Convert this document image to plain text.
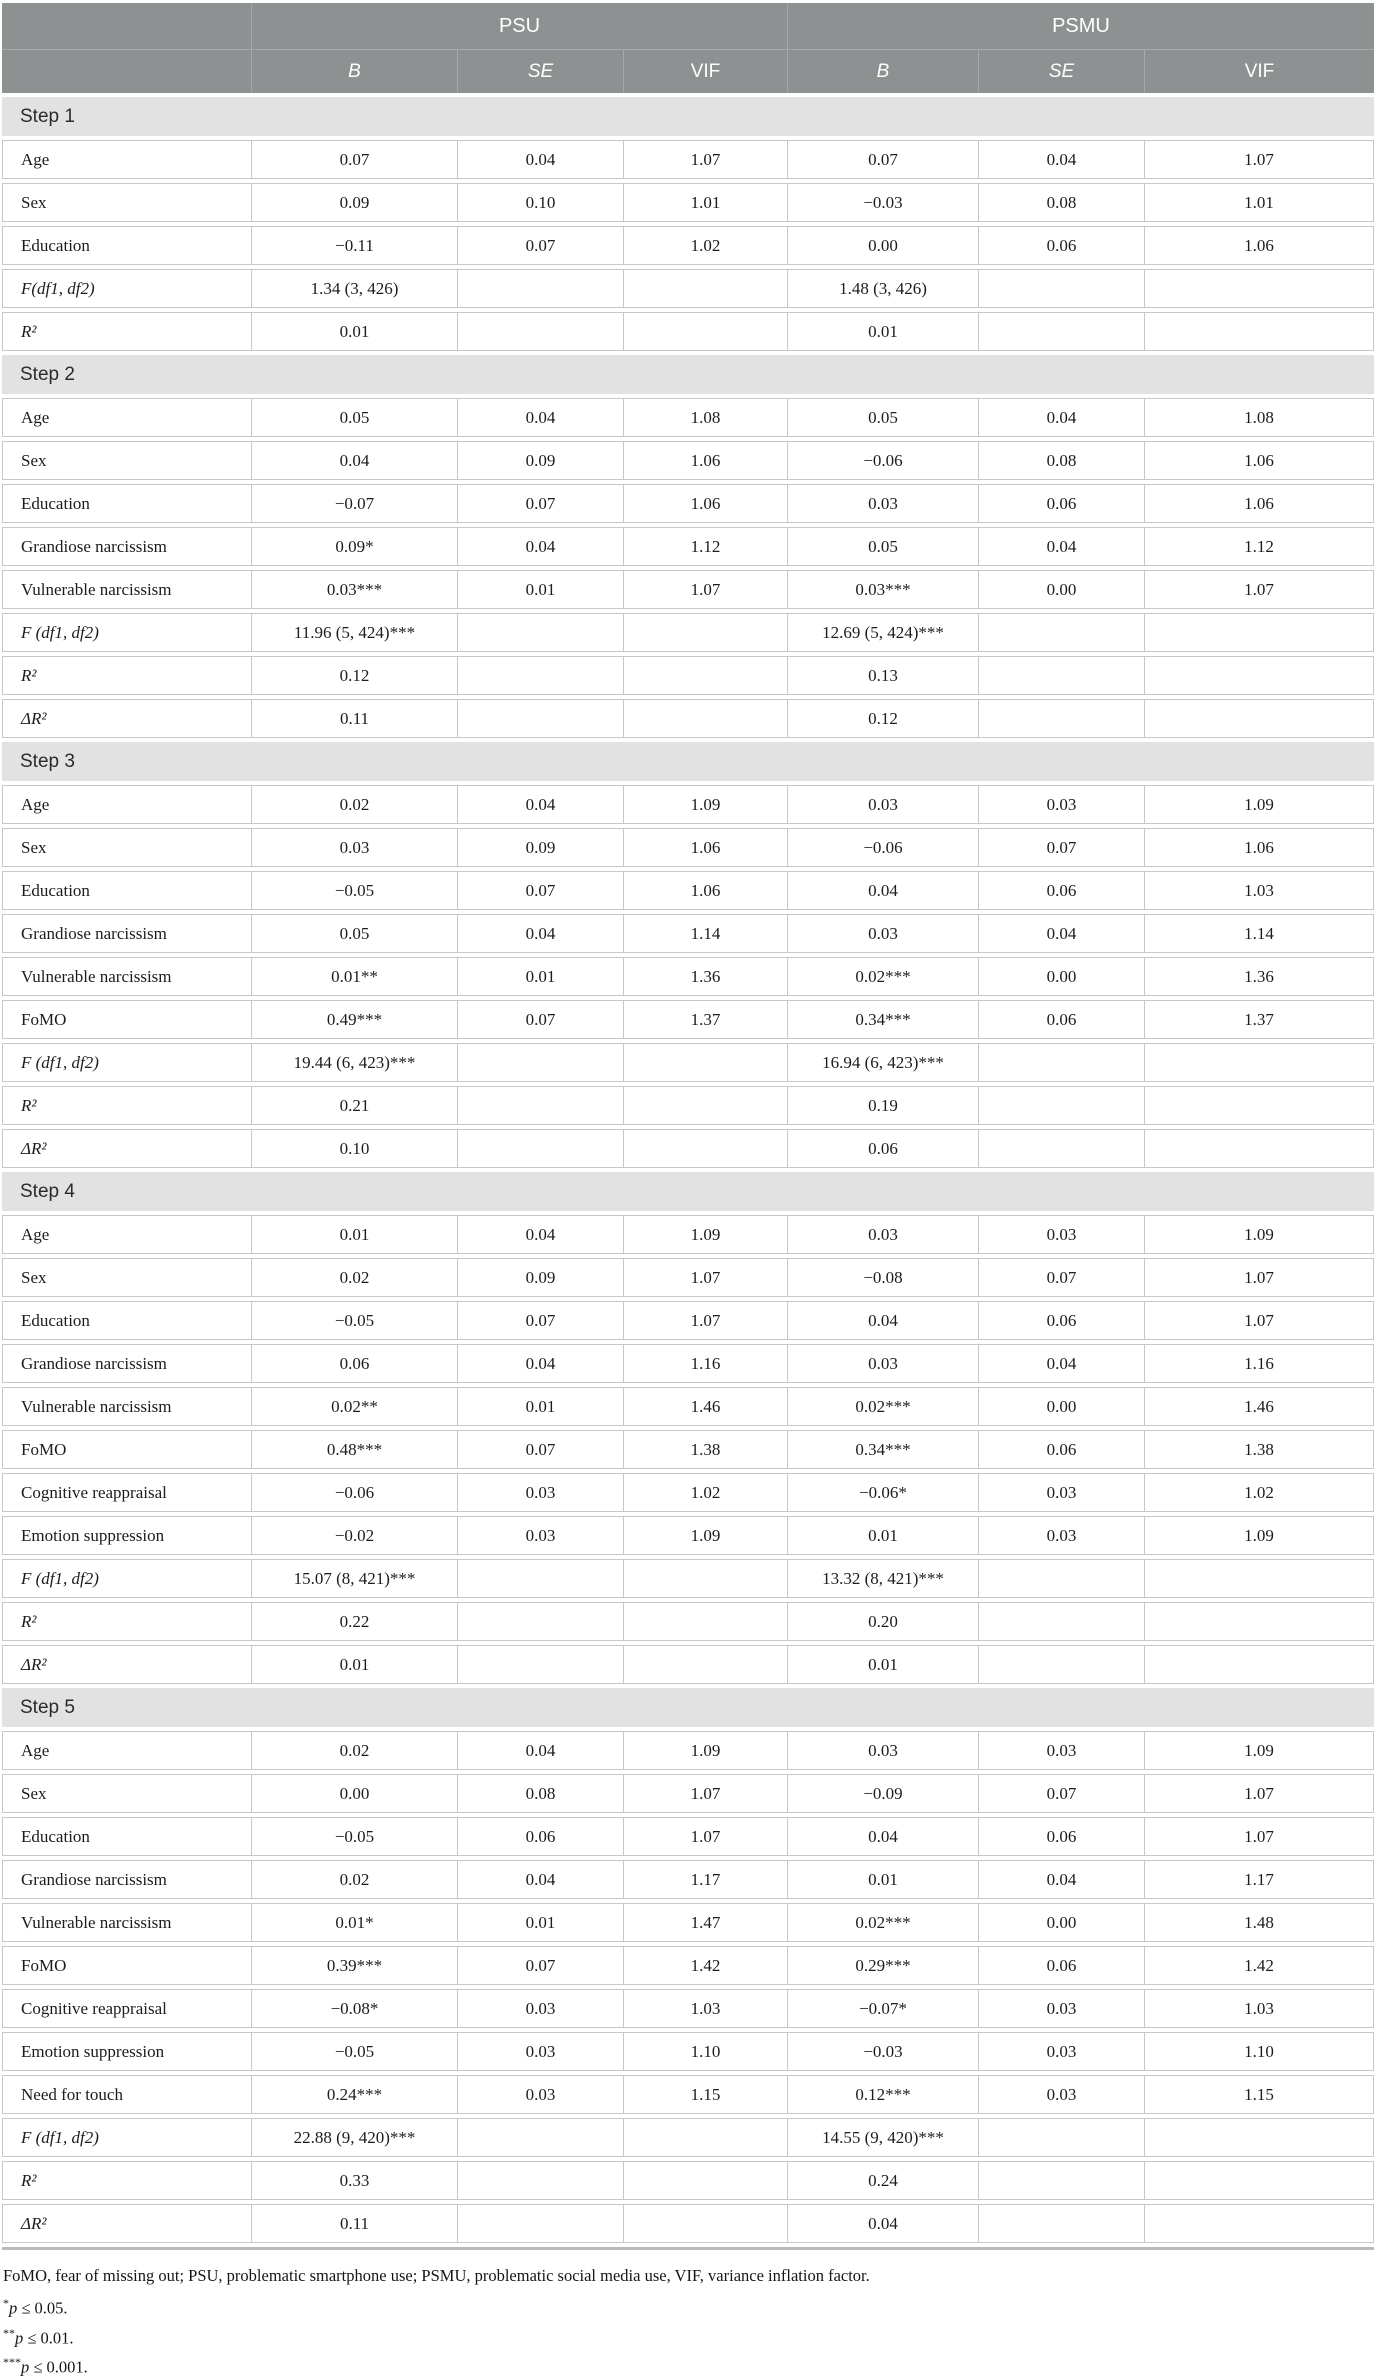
PSU	PSMU
B	SE	VIF	B	SE	VIF
Step 1
Age	0.07	0.04	1.07	0.07	0.04	1.07
Sex	0.09	0.10	1.01	−0.03	0.08	1.01
Education	−0.11	0.07	1.02	0.00	0.06	1.06
F(df1, df2)	1.34 (3, 426)	1.48 (3, 426)
R²	0.01	0.01
Step 2
Age	0.05	0.04	1.08	0.05	0.04	1.08
Sex	0.04	0.09	1.06	−0.06	0.08	1.06
Education	−0.07	0.07	1.06	0.03	0.06	1.06
Grandiose narcissism	0.09*	0.04	1.12	0.05	0.04	1.12
Vulnerable narcissism	0.03***	0.01	1.07	0.03***	0.00	1.07
F (df1, df2)	11.96 (5, 424)***	12.69 (5, 424)***
R²	0.12	0.13
ΔR²	0.11	0.12
Step 3
Age	0.02	0.04	1.09	0.03	0.03	1.09
Sex	0.03	0.09	1.06	−0.06	0.07	1.06
Education	−0.05	0.07	1.06	0.04	0.06	1.03
Grandiose narcissism	0.05	0.04	1.14	0.03	0.04	1.14
Vulnerable narcissism	0.01**	0.01	1.36	0.02***	0.00	1.36
FoMO	0.49***	0.07	1.37	0.34***	0.06	1.37
F (df1, df2)	19.44 (6, 423)***	16.94 (6, 423)***
R²	0.21	0.19
ΔR²	0.10	0.06
Step 4
Age	0.01	0.04	1.09	0.03	0.03	1.09
Sex	0.02	0.09	1.07	−0.08	0.07	1.07
Education	−0.05	0.07	1.07	0.04	0.06	1.07
Grandiose narcissism	0.06	0.04	1.16	0.03	0.04	1.16
Vulnerable narcissism	0.02**	0.01	1.46	0.02***	0.00	1.46
FoMO	0.48***	0.07	1.38	0.34***	0.06	1.38
Cognitive reappraisal	−0.06	0.03	1.02	−0.06*	0.03	1.02
Emotion suppression	−0.02	0.03	1.09	0.01	0.03	1.09
F (df1, df2)	15.07 (8, 421)***	13.32 (8, 421)***
R²	0.22	0.20
ΔR²	0.01	0.01
Step 5
Age	0.02	0.04	1.09	0.03	0.03	1.09
Sex	0.00	0.08	1.07	−0.09	0.07	1.07
Education	−0.05	0.06	1.07	0.04	0.06	1.07
Grandiose narcissism	0.02	0.04	1.17	0.01	0.04	1.17
Vulnerable narcissism	0.01*	0.01	1.47	0.02***	0.00	1.48
FoMO	0.39***	0.07	1.42	0.29***	0.06	1.42
Cognitive reappraisal	−0.08*	0.03	1.03	−0.07*	0.03	1.03
Emotion suppression	−0.05	0.03	1.10	−0.03	0.03	1.10
Need for touch	0.24***	0.03	1.15	0.12***	0.03	1.15
F (df1, df2)	22.88 (9, 420)***	14.55 (9, 420)***
R²	0.33	0.24
ΔR²	0.11	0.04
FoMO, fear of missing out; PSU, problematic smartphone use; PSMU, problematic social media use, VIF, variance inflation factor.
*p ≤ 0.05.
**p ≤ 0.01.
***p ≤ 0.001.
